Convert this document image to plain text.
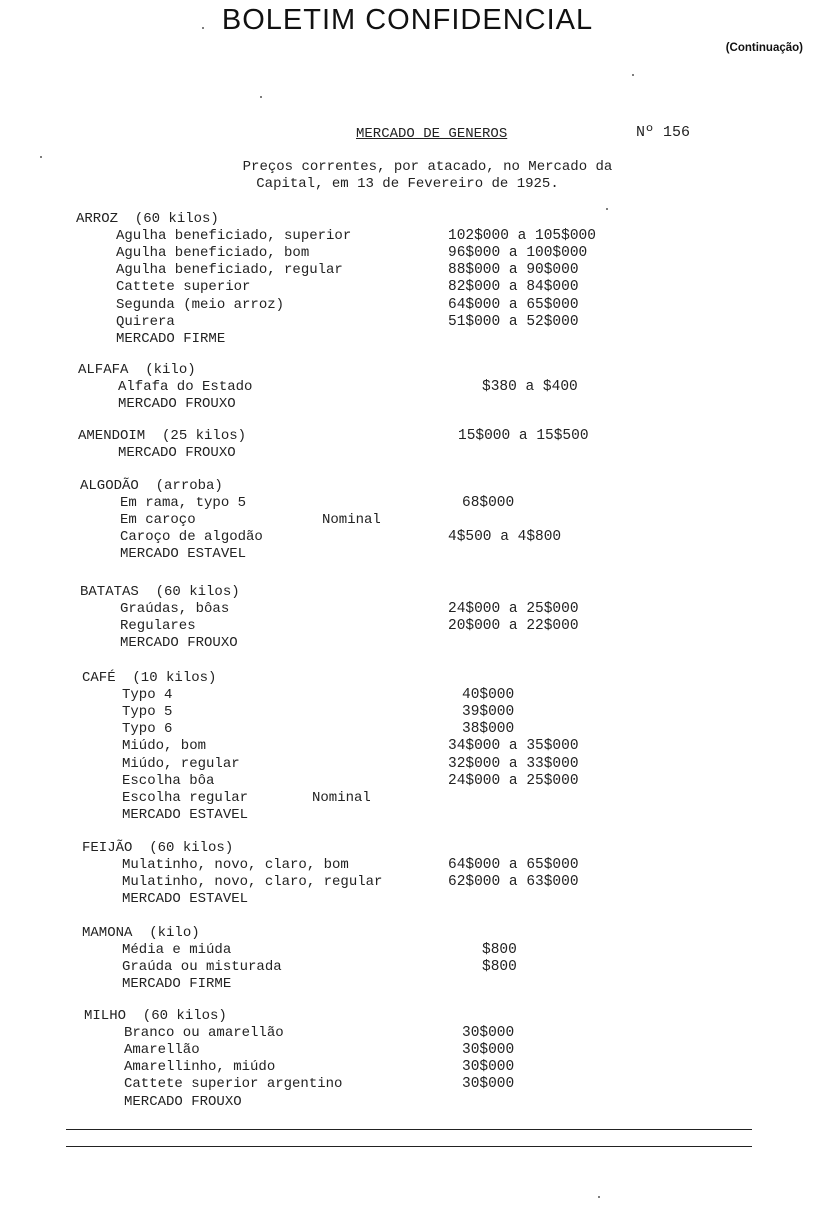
BOLETIM CONFIDENCIAL
(Continuação)
MERCADO DE GENEROS	Nº 156
Preços correntes, por atacado, no Mercado da
Capital, em 13 de Fevereiro de 1925.
ARROZ  (60 kilos)
Agulha beneficiado, superior	102$000 a 105$000
Agulha beneficiado, bom	96$000 a 100$000
Agulha beneficiado, regular	88$000 a 90$000
Cattete superior	82$000 a 84$000
Segunda (meio arroz)	64$000 a 65$000
Quirera	51$000 a 52$000
MERCADO FIRME
ALFAFA  (kilo)
Alfafa do Estado	$380 a $400
MERCADO FROUXO
AMENDOIM  (25 kilos)	15$000 a 15$500
MERCADO FROUXO
ALGODÃO  (arroba)
Em rama, typo 5	68$000
Em caroço	Nominal
Caroço de algodão	4$500 a 4$800
MERCADO ESTAVEL
BATATAS  (60 kilos)
Graúdas, bôas	24$000 a 25$000
Regulares	20$000 a 22$000
MERCADO FROUXO
CAFÉ  (10 kilos)
Typo 4	40$000
Typo 5	39$000
Typo 6	38$000
Miúdo, bom	34$000 a 35$000
Miúdo, regular	32$000 a 33$000
Escolha bôa	24$000 a 25$000
Escolha regular	Nominal
MERCADO ESTAVEL
FEIJÃO  (60 kilos)
Mulatinho, novo, claro, bom	64$000 a 65$000
Mulatinho, novo, claro, regular	62$000 a 63$000
MERCADO ESTAVEL
MAMONA  (kilo)
Média e miúda	$800
Graúda ou misturada	$800
MERCADO FIRME
MILHO  (60 kilos)
Branco ou amarellão	30$000
Amarellão	30$000
Amarellinho, miúdo	30$000
Cattete superior argentino	30$000
MERCADO FROUXO
